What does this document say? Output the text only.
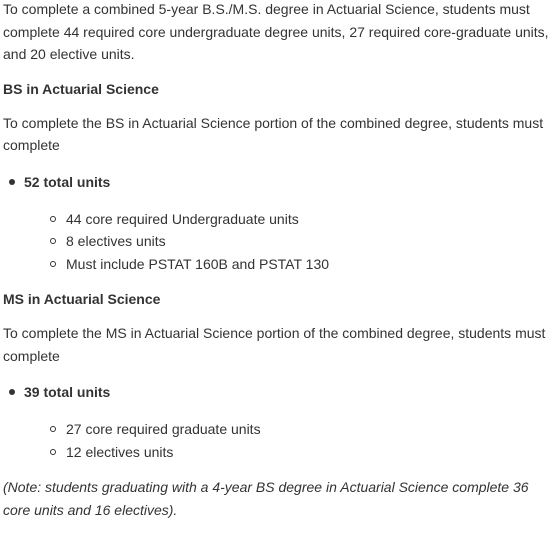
To complete a combined 5-year B.S./M.S. degree in Actuarial Science, students must complete 44 required core undergraduate degree units, 27 required core-graduate units, and 20 elective units.

BS in Actuarial Science

To complete the BS in Actuarial Science portion of the combined degree, students must complete

52 total units
44 core required Undergraduate units
8 electives units
Must include PSTAT 160B and PSTAT 130
MS in Actuarial Science

To complete the MS in Actuarial Science portion of the combined degree, students must complete

39 total units
27 core required graduate units
12 electives units

(Note: students graduating with a 4-year BS degree in Actuarial Science complete 36 core units and 16 electives).
